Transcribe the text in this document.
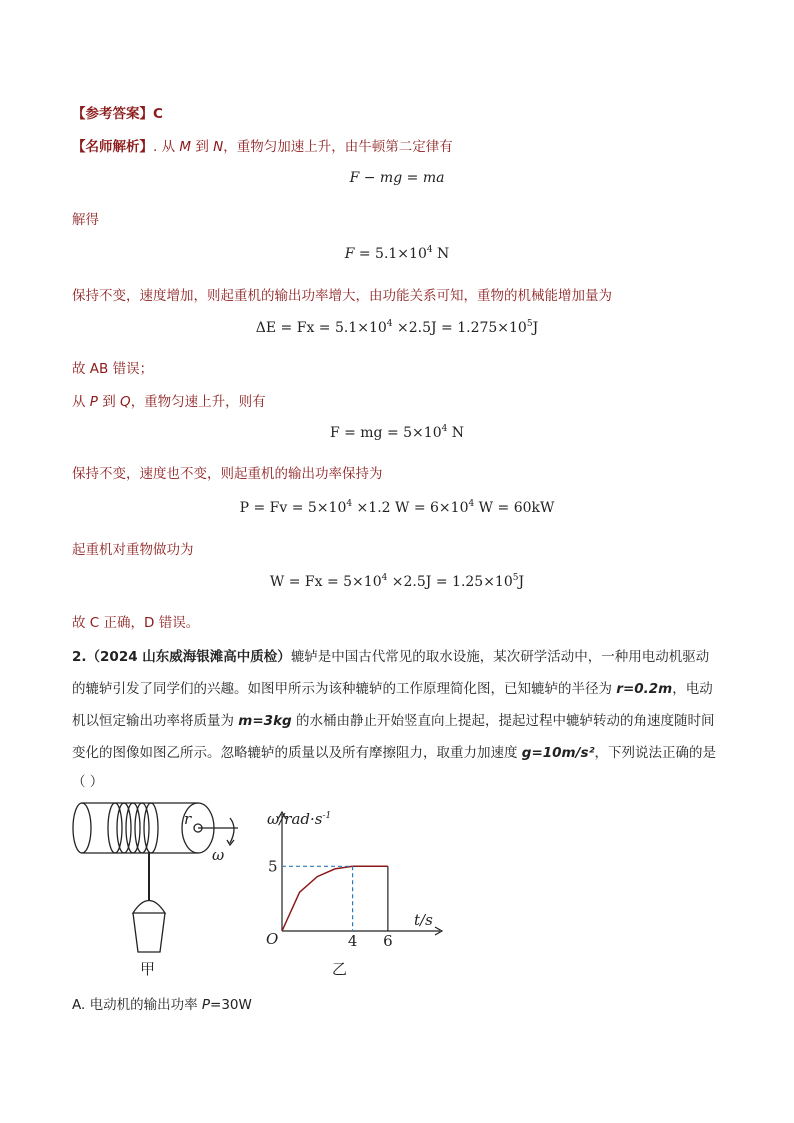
【参考答案】C
【名师解析】. 从 M 到 N，重物匀加速上升，由牛顿第二定律有
F − mg = ma
解得
$F = 5.1\times 10^4$ N
保持不变，速度增加，则起重机的输出功率增大，由功能关系可知，重物的机械能增加量为
$\Delta E = Fx = 5.1\times 10^4 \times 2.5J = 1.275\times 10^5J$
故 AB 错误；
从 P 到 Q，重物匀速上升，则有
F = mg = $5\times 10^4$ N
保持不变，速度也不变，则起重机的输出功率保持为
$P = Fv = 5\times 10^4 \times 1.2$ $W = 6\times 10^4$ W = 60kW
起重机对重物做功为
$W = Fx = 5\times 10^4 \times 2.5J = 1.25\times 10^5J$
故 C 正确，D 错误。
2.（2024 山东威海银滩高中质检）辘轳是中国古代常见的取水设施，某次研学活动中，一种用电动机驱动
的辘轳引发了同学们的兴趣。如图甲所示为该种辘轳的工作原理简化图，已知辘轳的半径为 r=0.2m，电动
机以恒定输出功率将质量为 m=3kg 的水桶由静止开始竖直向上提起，提起过程中辘轳转动的角速度随时间
变化的图像如图乙所示。忽略辘轳的质量以及所有摩擦阻力，取重力加速度 g=10m/s²，下列说法正确的是
（ ）
r
ω
甲
$\omega/rad\cdot s^{-1}$
t/s
O
5
4 6
乙
A. 电动机的输出功率 P=30W
